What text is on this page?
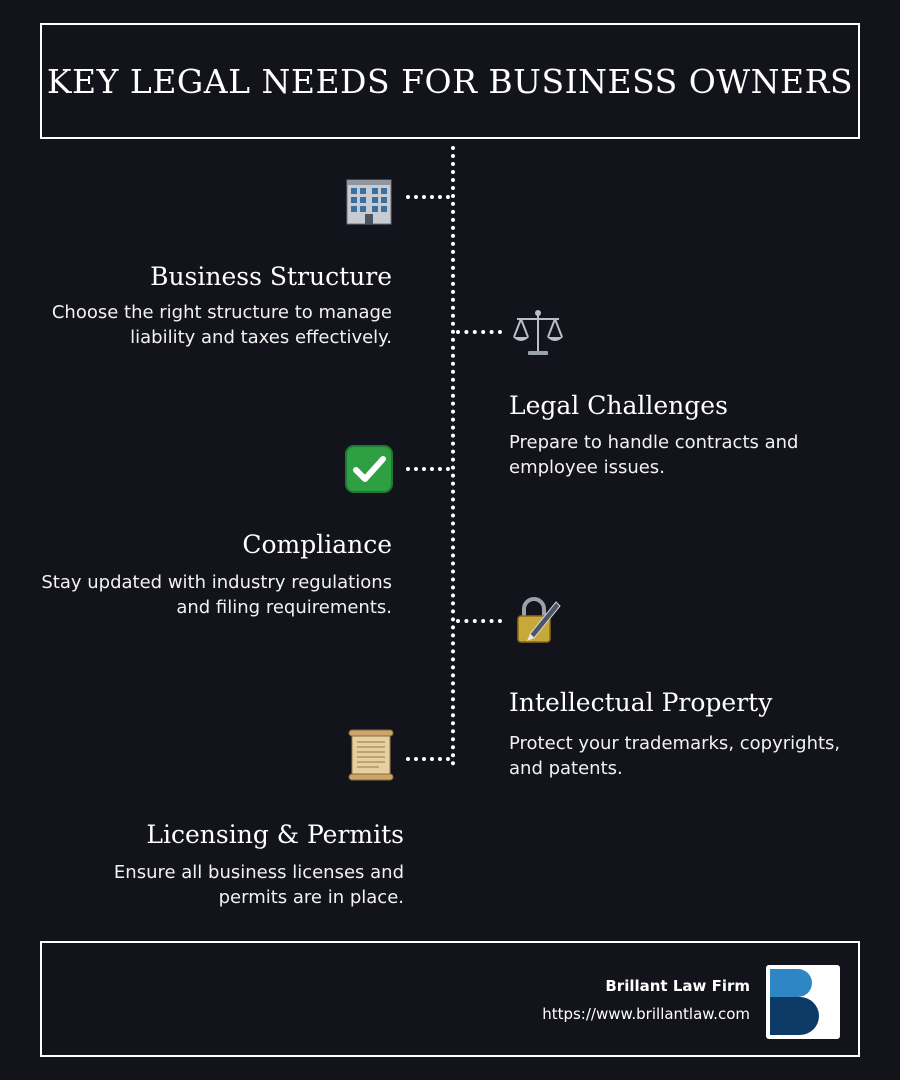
KEY LEGAL NEEDS FOR BUSINESS OWNERS
Business Structure

Choose the right structure to manage liability and taxes effectively.

Legal Challenges

Prepare to handle contracts and employee issues.

Compliance

Stay updated with industry regulations and filing requirements.

Intellectual Property

Protect your trademarks, copyrights, and patents.

Licensing & Permits

Ensure all business licenses and permits are in place.

Brillant Law Firm
https://www.brillantlaw.com
